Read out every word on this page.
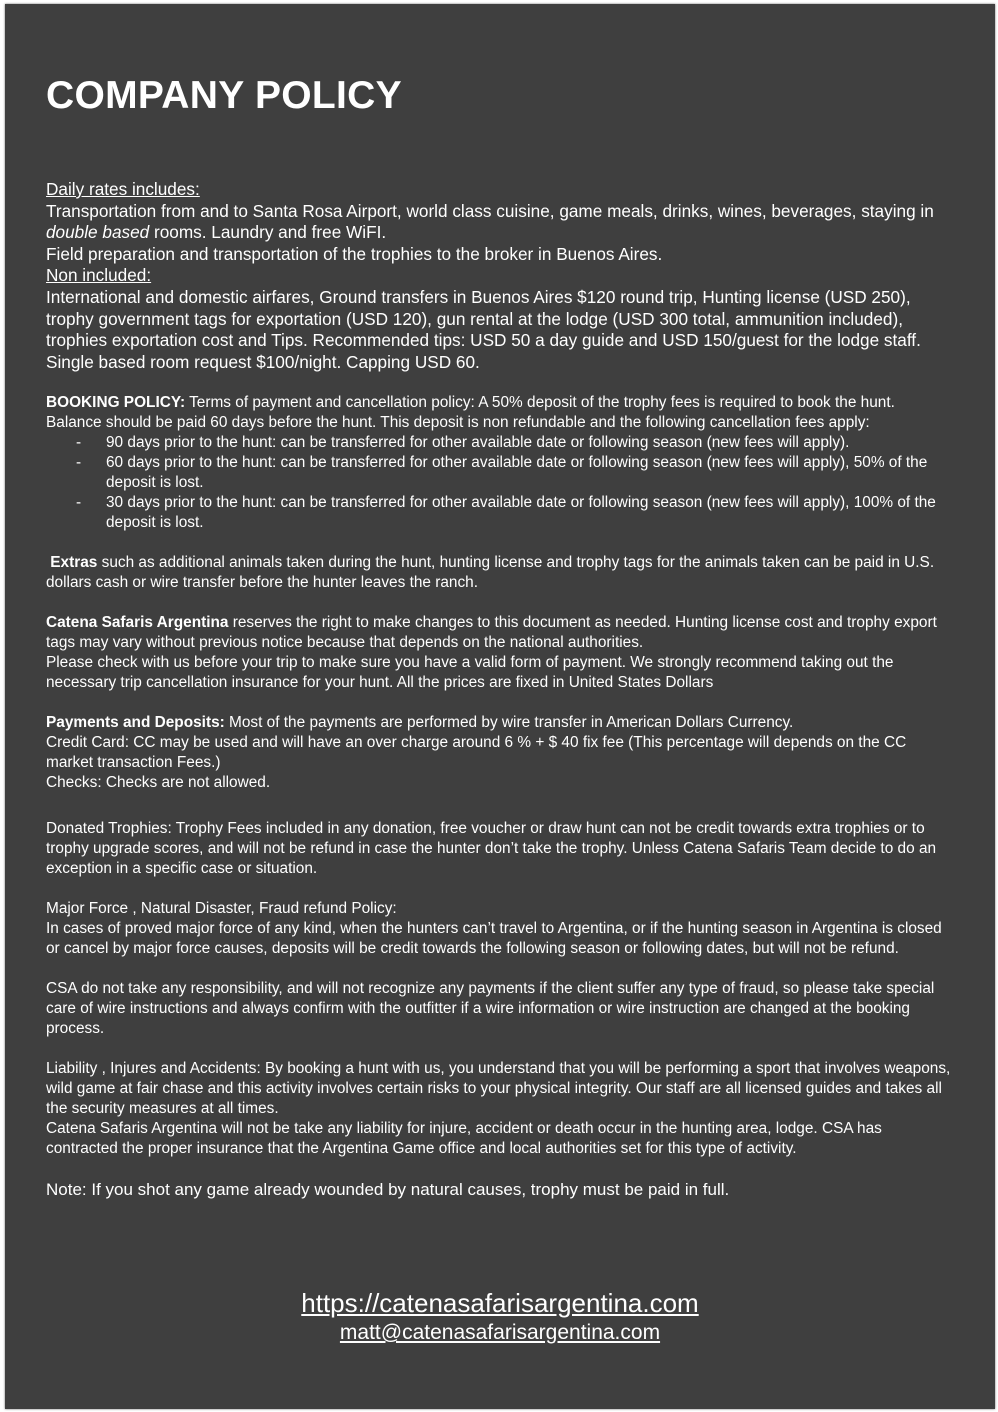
COMPANY POLICY

Daily rates includes:

Transportation from and to Santa Rosa Airport, world class cuisine, game meals, drinks, wines, beverages, staying in double based rooms. Laundry and free WiFI.

Field preparation and transportation of the trophies to the broker in Buenos Aires.

Non included:

International and domestic airfares, Ground transfers in Buenos Aires $120 round trip, Hunting license (USD 250), trophy government tags for exportation (USD 120), gun rental at the lodge (USD 300 total, ammunition included), trophies exportation cost and Tips. Recommended tips: USD 50 a day guide and USD 150/guest for the lodge staff. Single based room request $100/night. Capping USD 60.

BOOKING POLICY: Terms of payment and cancellation policy: A 50% deposit of the trophy fees is required to book the hunt. Balance should be paid 60 days before the hunt. This deposit is non refundable and the following cancellation fees apply:

- 90 days prior to the hunt: can be transferred for other available date or following season (new fees will apply).
- 60 days prior to the hunt: can be transferred for other available date or following season (new fees will apply), 50% of the deposit is lost.
- 30 days prior to the hunt: can be transferred for other available date or following season (new fees will apply), 100% of the deposit is lost.

Extras such as additional animals taken during the hunt, hunting license and trophy tags for the animals taken can be paid in U.S. dollars cash or wire transfer before the hunter leaves the ranch.

Catena Safaris Argentina reserves the right to make changes to this document as needed. Hunting license cost and trophy export tags may vary without previous notice because that depends on the national authorities.

Please check with us before your trip to make sure you have a valid form of payment. We strongly recommend taking out the necessary trip cancellation insurance for your hunt. All the prices are fixed in United States Dollars

Payments and Deposits: Most of the payments are performed by wire transfer in American Dollars Currency.

Credit Card: CC may be used and will have an over charge around 6 % + $ 40 fix fee (This percentage will depends on the CC market transaction Fees.)

Checks: Checks are not allowed.

Donated Trophies: Trophy Fees included in any donation, free voucher or draw hunt can not be credit towards extra trophies or to trophy upgrade scores, and will not be refund in case the hunter don’t take the trophy. Unless Catena Safaris Team decide to do an exception in a specific case or situation.

Major Force , Natural Disaster, Fraud refund Policy:

In cases of proved major force of any kind, when the hunters can’t travel to Argentina, or if the hunting season in Argentina is closed or cancel by major force causes, deposits will be credit towards the following season or following dates, but will not be refund.

CSA do not take any responsibility, and will not recognize any payments if the client suffer any type of fraud, so please take special care of wire instructions and always confirm with the outfitter if a wire information or wire instruction are changed at the booking process.

Liability , Injures and Accidents: By booking a hunt with us, you understand that you will be performing a sport that involves weapons, wild game at fair chase and this activity involves certain risks to your physical integrity. Our staff are all licensed guides and takes all the security measures at all times.

Catena Safaris Argentina will not be take any liability for injure, accident or death occur in the hunting area, lodge. CSA has contracted the proper insurance that the Argentina Game office and local authorities set for this type of activity.

Note: If you shot any game already wounded by natural causes, trophy must be paid in full.

https://catenasafarisargentina.com
matt@catenasafarisargentina.com
